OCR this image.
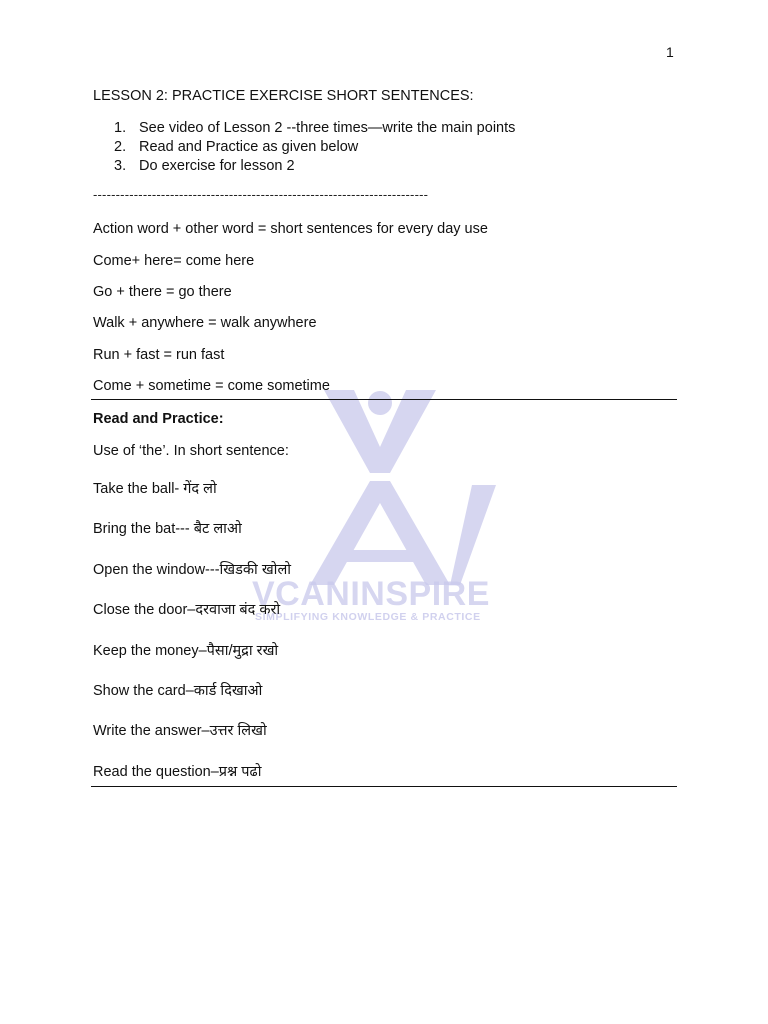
VCANINSPIRE
SIMPLIFYING KNOWLEDGE & PRACTICE
1
LESSON 2: PRACTICE EXERCISE SHORT SENTENCES:
1. See video of Lesson 2 --three times—write the main points
2. Read and Practice as given below
3. Do exercise for lesson 2
--------------------------------------------------------------------------
Action word + other word = short sentences for every day use
Come+ here= come here
Go + there = go there
Walk + anywhere = walk anywhere
Run + fast = run fast
Come + sometime = come sometime
Read and Practice:
Use of ‘the’. In short sentence:
Take the ball- गेंद लो
Bring the bat--- बैट लाओ
Open the window---खिडकी खोलो
Close the door–दरवाजा बंद करो
Keep the money–पैसा/मुद्रा रखो
Show the card–कार्ड दिखाओ
Write the answer–उत्तर लिखो
Read the question–प्रश्न पढो
